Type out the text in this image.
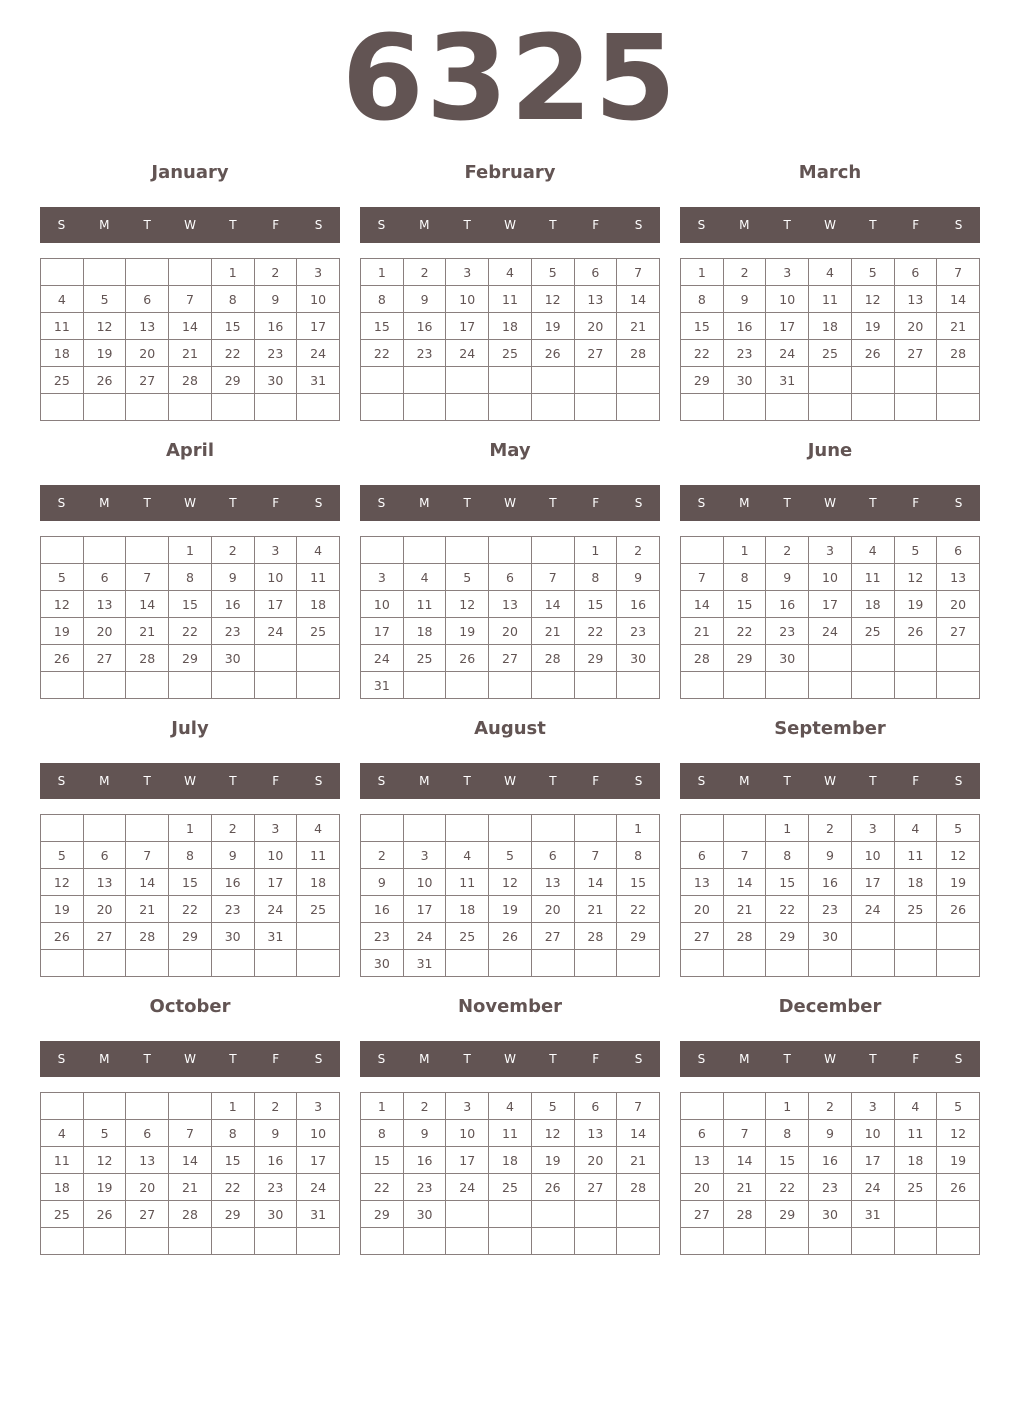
6325
January
S	M	T	W	T	F	S
				1	2	3
4	5	6	7	8	9	10
11	12	13	14	15	16	17
18	19	20	21	22	23	24
25	26	27	28	29	30	31

February
S	M	T	W	T	F	S
1	2	3	4	5	6	7
8	9	10	11	12	13	14
15	16	17	18	19	20	21
22	23	24	25	26	27	28

March
S	M	T	W	T	F	S
1	2	3	4	5	6	7
8	9	10	11	12	13	14
15	16	17	18	19	20	21
22	23	24	25	26	27	28
29	30	31				

April
S	M	T	W	T	F	S
			1	2	3	4
5	6	7	8	9	10	11
12	13	14	15	16	17	18
19	20	21	22	23	24	25
26	27	28	29	30		

May
S	M	T	W	T	F	S
					1	2
3	4	5	6	7	8	9
10	11	12	13	14	15	16
17	18	19	20	21	22	23
24	25	26	27	28	29	30
31						
June
S	M	T	W	T	F	S
	1	2	3	4	5	6
7	8	9	10	11	12	13
14	15	16	17	18	19	20
21	22	23	24	25	26	27
28	29	30				

July
S	M	T	W	T	F	S
			1	2	3	4
5	6	7	8	9	10	11
12	13	14	15	16	17	18
19	20	21	22	23	24	25
26	27	28	29	30	31	

August
S	M	T	W	T	F	S
						1
2	3	4	5	6	7	8
9	10	11	12	13	14	15
16	17	18	19	20	21	22
23	24	25	26	27	28	29
30	31					
September
S	M	T	W	T	F	S
		1	2	3	4	5
6	7	8	9	10	11	12
13	14	15	16	17	18	19
20	21	22	23	24	25	26
27	28	29	30			

October
S	M	T	W	T	F	S
				1	2	3
4	5	6	7	8	9	10
11	12	13	14	15	16	17
18	19	20	21	22	23	24
25	26	27	28	29	30	31

November
S	M	T	W	T	F	S
1	2	3	4	5	6	7
8	9	10	11	12	13	14
15	16	17	18	19	20	21
22	23	24	25	26	27	28
29	30					

December
S	M	T	W	T	F	S
		1	2	3	4	5
6	7	8	9	10	11	12
13	14	15	16	17	18	19
20	21	22	23	24	25	26
27	28	29	30	31		
